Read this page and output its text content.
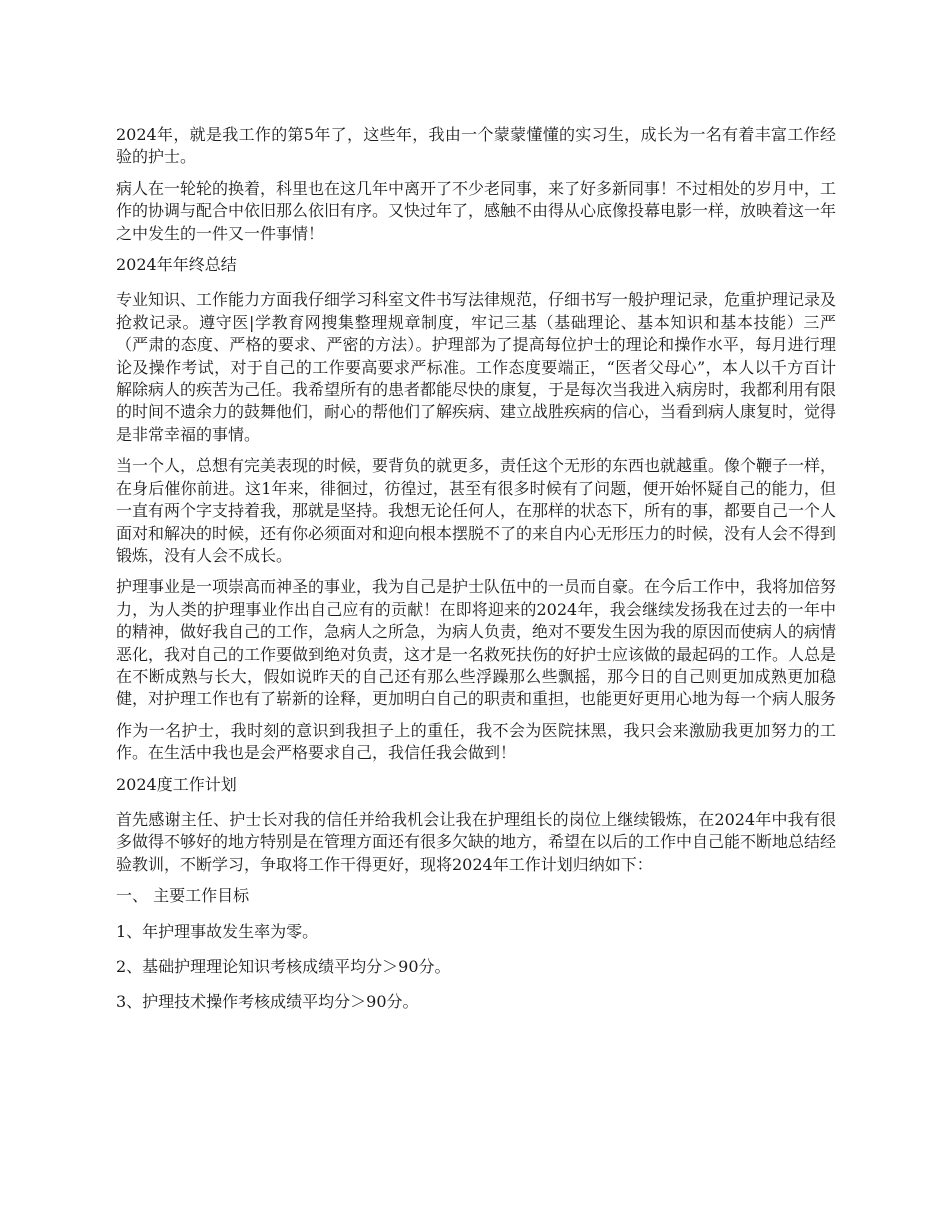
2024年，就是我工作的第5年了，这些年，我由一个蒙蒙懂懂的实习生，成长为一名有着丰富工作经验的护士。

病人在一轮轮的换着，科里也在这几年中离开了不少老同事，来了好多新同事！不过相处的岁月中，工作的协调与配合中依旧那么依旧有序。又快过年了，感触不由得从心底像投幕电影一样，放映着这一年之中发生的一件又一件事情！

2024年年终总结

专业知识、工作能力方面我仔细学习科室文件书写法律规范，仔细书写一般护理记录，危重护理记录及抢救记录。遵守医|学教育网搜集整理规章制度，牢记三基（基础理论、基本知识和基本技能）三严（严肃的态度、严格的要求、严密的方法）。护理部为了提高每位护士的理论和操作水平，每月进行理论及操作考试，对于自己的工作要高要求严标准。工作态度要端正，“医者父母心”，本人以千方百计解除病人的疾苦为己任。我希望所有的患者都能尽快的康复，于是每次当我进入病房时，我都利用有限的时间不遗余力的鼓舞他们，耐心的帮他们了解疾病、建立战胜疾病的信心，当看到病人康复时，觉得是非常幸福的事情。

当一个人，总想有完美表现的时候，要背负的就更多，责任这个无形的东西也就越重。像个鞭子一样，在身后催你前进。这1年来，徘徊过，彷徨过，甚至有很多时候有了问题，便开始怀疑自己的能力，但一直有两个字支持着我，那就是坚持。我想无论任何人，在那样的状态下，所有的事，都要自己一个人面对和解决的时候，还有你必须面对和迎向根本摆脱不了的来自内心无形压力的时候，没有人会不得到锻炼，没有人会不成长。

护理事业是一项崇高而神圣的事业，我为自己是护士队伍中的一员而自豪。在今后工作中，我将加倍努力，为人类的护理事业作出自己应有的贡献！在即将迎来的2024年，我会继续发扬我在过去的一年中的精神，做好我自己的工作，急病人之所急，为病人负责，绝对不要发生因为我的原因而使病人的病情恶化，我对自己的工作要做到绝对负责，这才是一名救死扶伤的好护士应该做的最起码的工作。人总是在不断成熟与长大，假如说昨天的自己还有那么些浮躁那么些飘摇，那今日的自己则更加成熟更加稳健，对护理工作也有了崭新的诠释，更加明白自己的职责和重担，也能更好更用心地为每一个病人服务

作为一名护士，我时刻的意识到我担子上的重任，我不会为医院抹黑，我只会来激励我更加努力的工作。在生活中我也是会严格要求自己，我信任我会做到！

2024度工作计划

首先感谢主任、护士长对我的信任并给我机会让我在护理组长的岗位上继续锻炼，在2024年中我有很多做得不够好的地方特别是在管理方面还有很多欠缺的地方，希望在以后的工作中自己能不断地总结经验教训，不断学习，争取将工作干得更好，现将2024年工作计划归纳如下：

一、 主要工作目标

1、年护理事故发生率为零。

2、基础护理理论知识考核成绩平均分＞90分。

3、护理技术操作考核成绩平均分＞90分。
